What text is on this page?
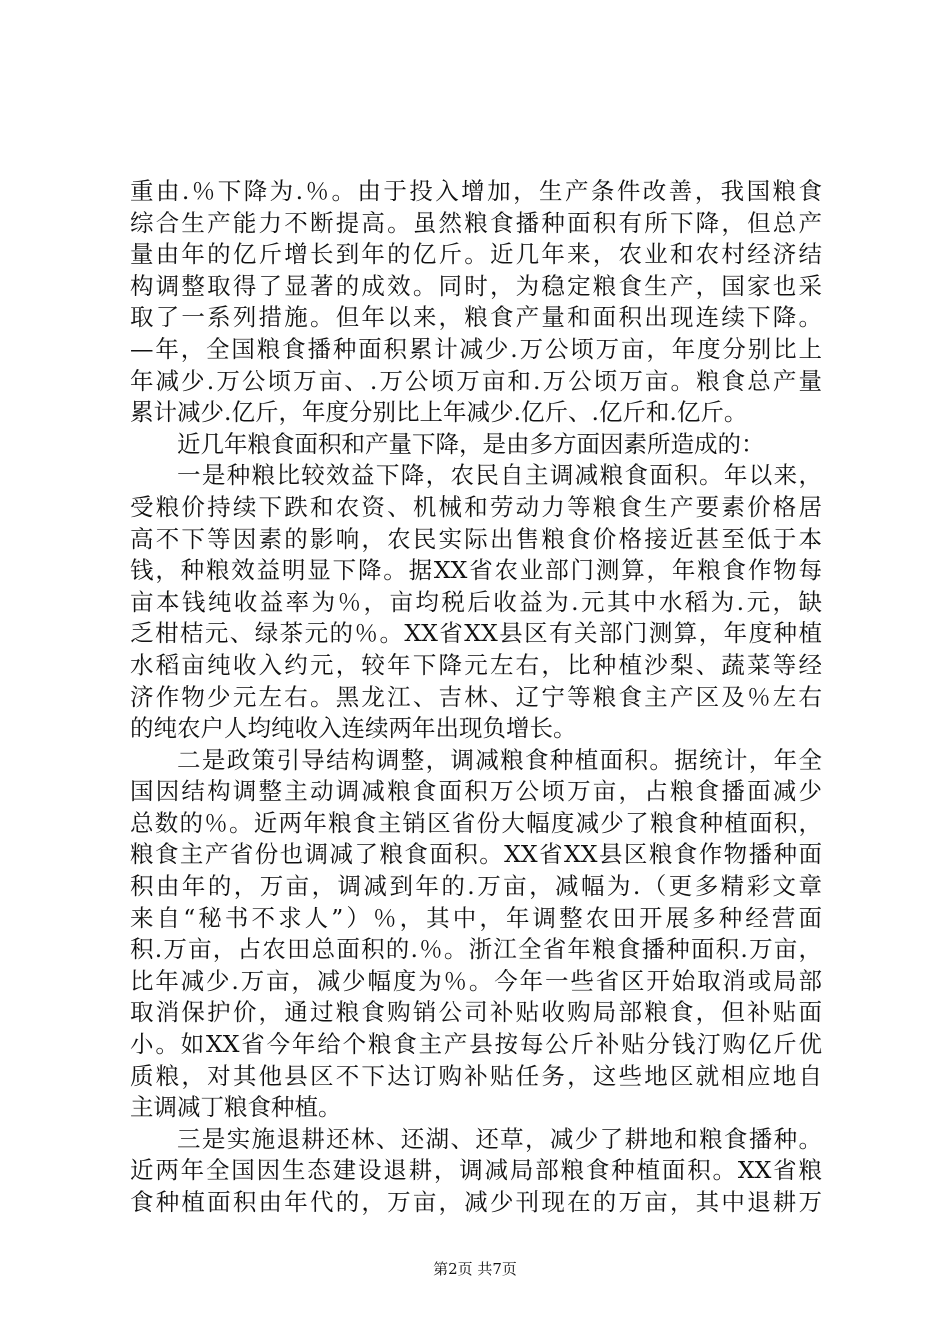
重由.％下降为.％。由于投入增加，生产条件改善，我国粮食
综合生产能力不断提高。虽然粮食播种面积有所下降，但总产
量由年的亿斤增长到年的亿斤。近几年来，农业和农村经济结
构调整取得了显著的成效。同时，为稳定粮食生产，国家也采
取了一系列措施。但年以来，粮食产量和面积出现连续下降。
—年，全国粮食播种面积累计减少.万公顷万亩，年度分别比上
年减少.万公顷万亩、.万公顷万亩和.万公顷万亩。粮食总产量
累计减少.亿斤，年度分别比上年减少.亿斤、.亿斤和.亿斤。
近几年粮食面积和产量下降，是由多方面因素所造成的：
一是种粮比较效益下降，农民自主调减粮食面积。年以来，
受粮价持续下跌和农资、机械和劳动力等粮食生产要素价格居
高不下等因素的影响，农民实际出售粮食价格接近甚至低于本
钱，种粮效益明显下降。据XX省农业部门测算，年粮食作物每
亩本钱纯收益率为％，亩均税后收益为.元其中水稻为.元，缺
乏柑桔元、绿茶元的％。XX省XX县区有关部门测算，年度种植
水稻亩纯收入约元，较年下降元左右，比种植沙梨、蔬菜等经
济作物少元左右。黑龙江、吉林、辽宁等粮食主产区及％左右
的纯农户人均纯收入连续两年出现负增长。
二是政策引导结构调整，调减粮食种植面积。据统计，年全
国因结构调整主动调减粮食面积万公顷万亩，占粮食播面减少
总数的％。近两年粮食主销区省份大幅度减少了粮食种植面积，
粮食主产省份也调减了粮食面积。XX省XX县区粮食作物播种面
积由年的，万亩，调减到年的.万亩，减幅为.（更多精彩文章
来自“秘书不求人”）％，其中，年调整农田开展多种经营面
积.万亩，占农田总面积的.％。浙江全省年粮食播种面积.万亩，
比年减少.万亩，减少幅度为％。今年一些省区开始取消或局部
取消保护价，通过粮食购销公司补贴收购局部粮食，但补贴面
小。如XX省今年给个粮食主产县按每公斤补贴分钱汀购亿斤优
质粮，对其他县区不下达订购补贴任务，这些地区就相应地自
主调减丁粮食种植。
三是实施退耕还林、还湖、还草，减少了耕地和粮食播种。
近两年全国因生态建设退耕，调减局部粮食种植面积。XX省粮
食种植面积由年代的，万亩，减少刊现在的万亩，其中退耕万
第2页 共7页
